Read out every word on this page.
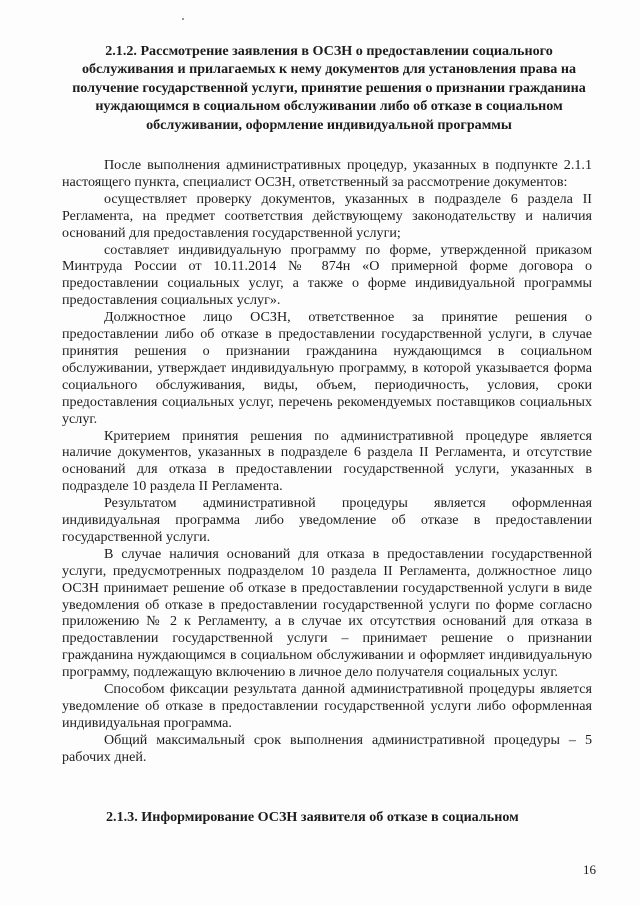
2.1.2. Рассмотрение заявления в ОСЗН о предоставлении социального обслуживания и прилагаемых к нему документов для установления права на получение государственной услуги, принятие решения о признании гражданина нуждающимся в социальном обслуживании либо об отказе в социальном обслуживании, оформление индивидуальной программы

После выполнения административных процедур, указанных в подпункте 2.1.1 настоящего пункта, специалист ОСЗН, ответственный за рассмотрение документов:

осуществляет проверку документов, указанных в подразделе 6 раздела II Регламента, на предмет соответствия действующему законодательству и наличия оснований для предоставления государственной услуги;

составляет индивидуальную программу по форме, утвержденной приказом Минтруда России от 10.11.2014 № 874н «О примерной форме договора о предоставлении социальных услуг, а также о форме индивидуальной программы предоставления социальных услуг».

Должностное лицо ОСЗН, ответственное за принятие решения о предоставлении либо об отказе в предоставлении государственной услуги, в случае принятия решения о признании гражданина нуждающимся в социальном обслуживании, утверждает индивидуальную программу, в которой указывается форма социального обслуживания, виды, объем, периодичность, условия, сроки предоставления социальных услуг, перечень рекомендуемых поставщиков социальных услуг.

Критерием принятия решения по административной процедуре является наличие документов, указанных в подразделе 6 раздела II Регламента, и отсутствие оснований для отказа в предоставлении государственной услуги, указанных в подразделе 10 раздела II Регламента.

Результатом административной процедуры является оформленная индивидуальная программа либо уведомление об отказе в предоставлении государственной услуги.

В случае наличия оснований для отказа в предоставлении государственной услуги, предусмотренных подразделом 10 раздела II Регламента, должностное лицо ОСЗН принимает решение об отказе в предоставлении государственной услуги в виде уведомления об отказе в предоставлении государственной услуги по форме согласно приложению № 2 к Регламенту, а в случае их отсутствия оснований для отказа в предоставлении государственной услуги – принимает решение о признании гражданина нуждающимся в социальном обслуживании и оформляет индивидуальную программу, подлежащую включению в личное дело получателя социальных услуг.

Способом фиксации результата данной административной процедуры является уведомление об отказе в предоставлении государственной услуги либо оформленная индивидуальная программа.

Общий максимальный срок выполнения административной процедуры – 5 рабочих дней.

2.1.3. Информирование ОСЗН заявителя об отказе в социальном
16
